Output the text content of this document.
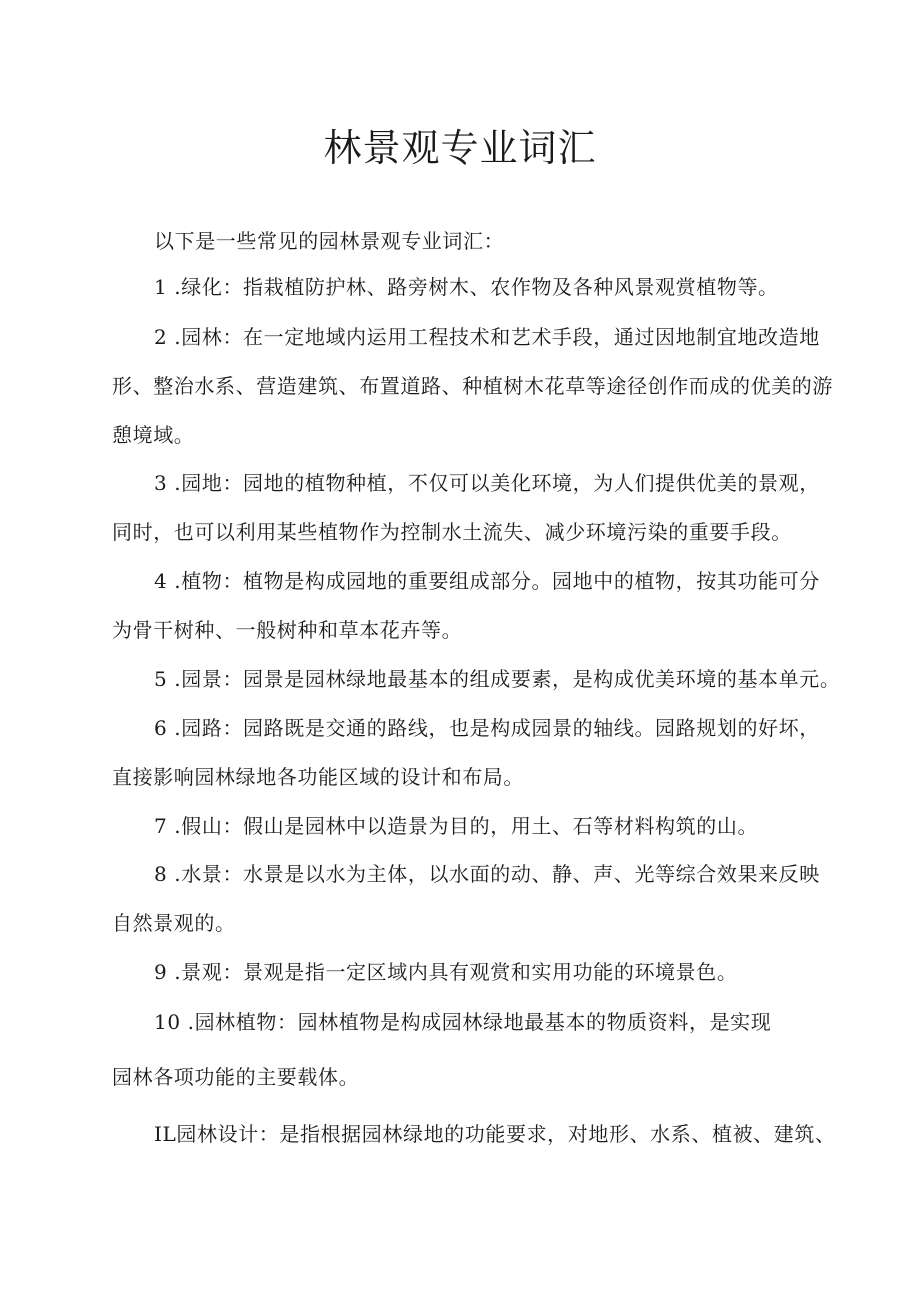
林景观专业词汇
以下是一些常见的园林景观专业词汇：
1 .绿化：指栽植防护林、路旁树木、农作物及各种风景观赏植物等。
2 .园林：在一定地域内运用工程技术和艺术手段，通过因地制宜地改造地
形、整治水系、营造建筑、布置道路、种植树木花草等途径创作而成的优美的游
憩境域。
3 .园地：园地的植物种植，不仅可以美化环境，为人们提供优美的景观，
同时，也可以利用某些植物作为控制水土流失、减少环境污染的重要手段。
4 .植物：植物是构成园地的重要组成部分。园地中的植物，按其功能可分
为骨干树种、一般树种和草本花卉等。
5 .园景：园景是园林绿地最基本的组成要素，是构成优美环境的基本单元。
6 .园路：园路既是交通的路线，也是构成园景的轴线。园路规划的好坏，
直接影响园林绿地各功能区域的设计和布局。
7 .假山：假山是园林中以造景为目的，用土、石等材料构筑的山。
8 .水景：水景是以水为主体，以水面的动、静、声、光等综合效果来反映
自然景观的。
9 .景观：景观是指一定区域内具有观赏和实用功能的环境景色。
10 .园林植物：园林植物是构成园林绿地最基本的物质资料，是实现
园林各项功能的主要载体。
IL园林设计：是指根据园林绿地的功能要求，对地形、水系、植被、建筑、
